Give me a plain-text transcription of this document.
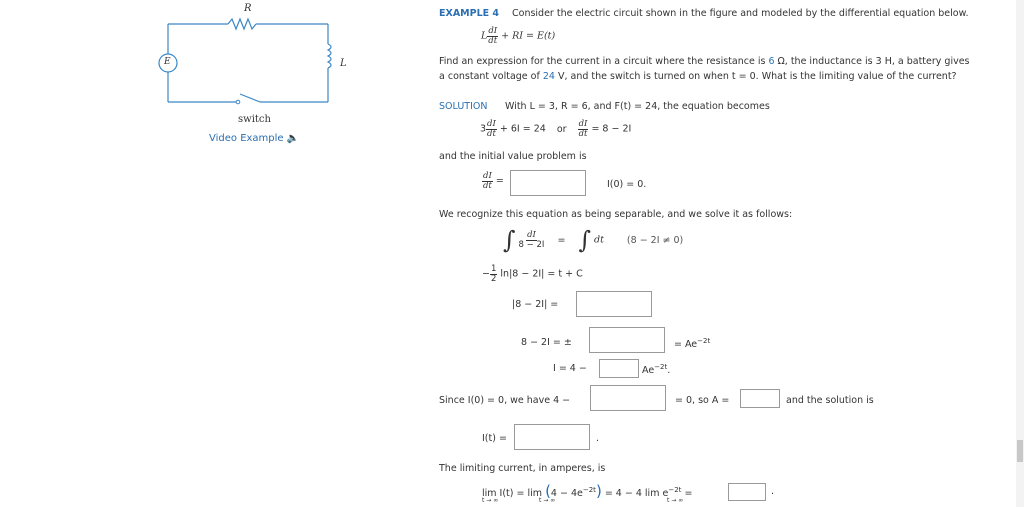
R
L
E
switch
Video Example 🔈
EXAMPLE 4 Consider the electric circuit shown in the figure and modeled by the differential equation below.
L $\frac{dI}{dt}$ + RI = E(t)
Find an expression for the current in a circuit where the resistance is 6 Ω, the inductance is 3 H, a battery gives
a constant voltage of 24 V, and the switch is turned on when t = 0. What is the limiting value of the current?
SOLUTION With L = 3, R = 6, and F(t) = 24, the equation becomes
$3 \frac{dI}{dt} + 6I = 24$ or $\frac{dI}{dt} = 8 - 2I$
and the initial value problem is
$\frac{dI}{dt}$ =	I(0) = 0.
We recognize this equation as being separable, and we solve it as follows:
∫ $\frac{dI}{8 - 2I}$ = ∫ dt (8 − 2I ≠ 0)
− $\frac{1}{2} \ln|8 - 2I| = t + C$
|8 − 2I| =
8 − 2I = ±	= $Ae^{-2t}$
I = 4 −	$Ae^{-2t}$.
Since I(0) = 0, we have 4 −	= 0, so A =	and the solution is
I(t) =	.
The limiting current, in amperes, is
$\lim I(t) = \lim (4 - 4e^{-2t}) = 4 - 4$ $\lim e^{-2t}$ =
t → ∞	t → ∞	t → ∞
.
